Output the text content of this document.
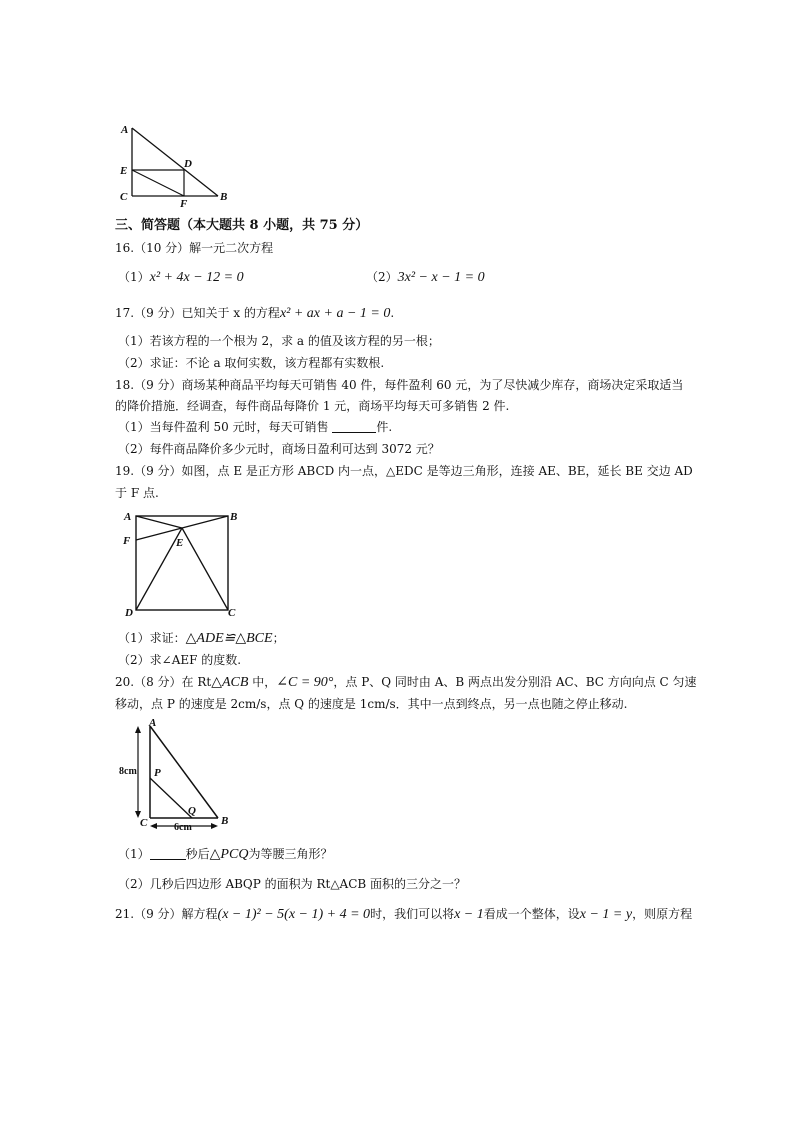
A
E
D
C
F
B
三、简答题（本大题共 8 小题，共 75 分）
16.（10 分）解一元二次方程
（1）x² + 4x − 12 = 0	（2）3x² − x − 1 = 0
17.（9 分）已知关于 x 的方程x² + ax + a − 1 = 0.
（1）若该方程的一个根为 2，求 a 的值及该方程的另一根；
（2）求证：不论 a 取何实数，该方程都有实数根.
18.（9 分）商场某种商品平均每天可销售 40 件，每件盈利 60 元，为了尽快减少库存，商场决定采取适当
的降价措施．经调查，每件商品每降价 1 元，商场平均每天可多销售 2 件.
（1）当每件盈利 50 元时，每天可销售	件.
（2）每件商品降价多少元时，商场日盈利可达到 3072 元？
19.（9 分）如图，点 E 是正方形 ABCD 内一点，△EDC 是等边三角形，连接 AE、BE，延长 BE 交边 AD
于 F 点.
A	B
F	E
D	C
（1）求证：△ADE≌△BCE；
（2）求∠AEF 的度数.
20.（8 分）在 Rt△ACB 中，∠C = 90°，点 P、Q 同时由 A、B 两点出发分别沿 AC、BC 方向向点 C 匀速
移动，点 P 的速度是 2cm/s，点 Q 的速度是 1cm/s．其中一点到终点，另一点也随之停止移动.
A
P
Q
C	B
8cm
6cm
（1）	秒后△PCQ为等腰三角形？
（2）几秒后四边形 ABQP 的面积为 Rt△ACB 面积的三分之一？
21.（9 分）解方程(x − 1)² − 5(x − 1) + 4 = 0时，我们可以将x − 1看成一个整体，设x − 1 = y，则原方程
